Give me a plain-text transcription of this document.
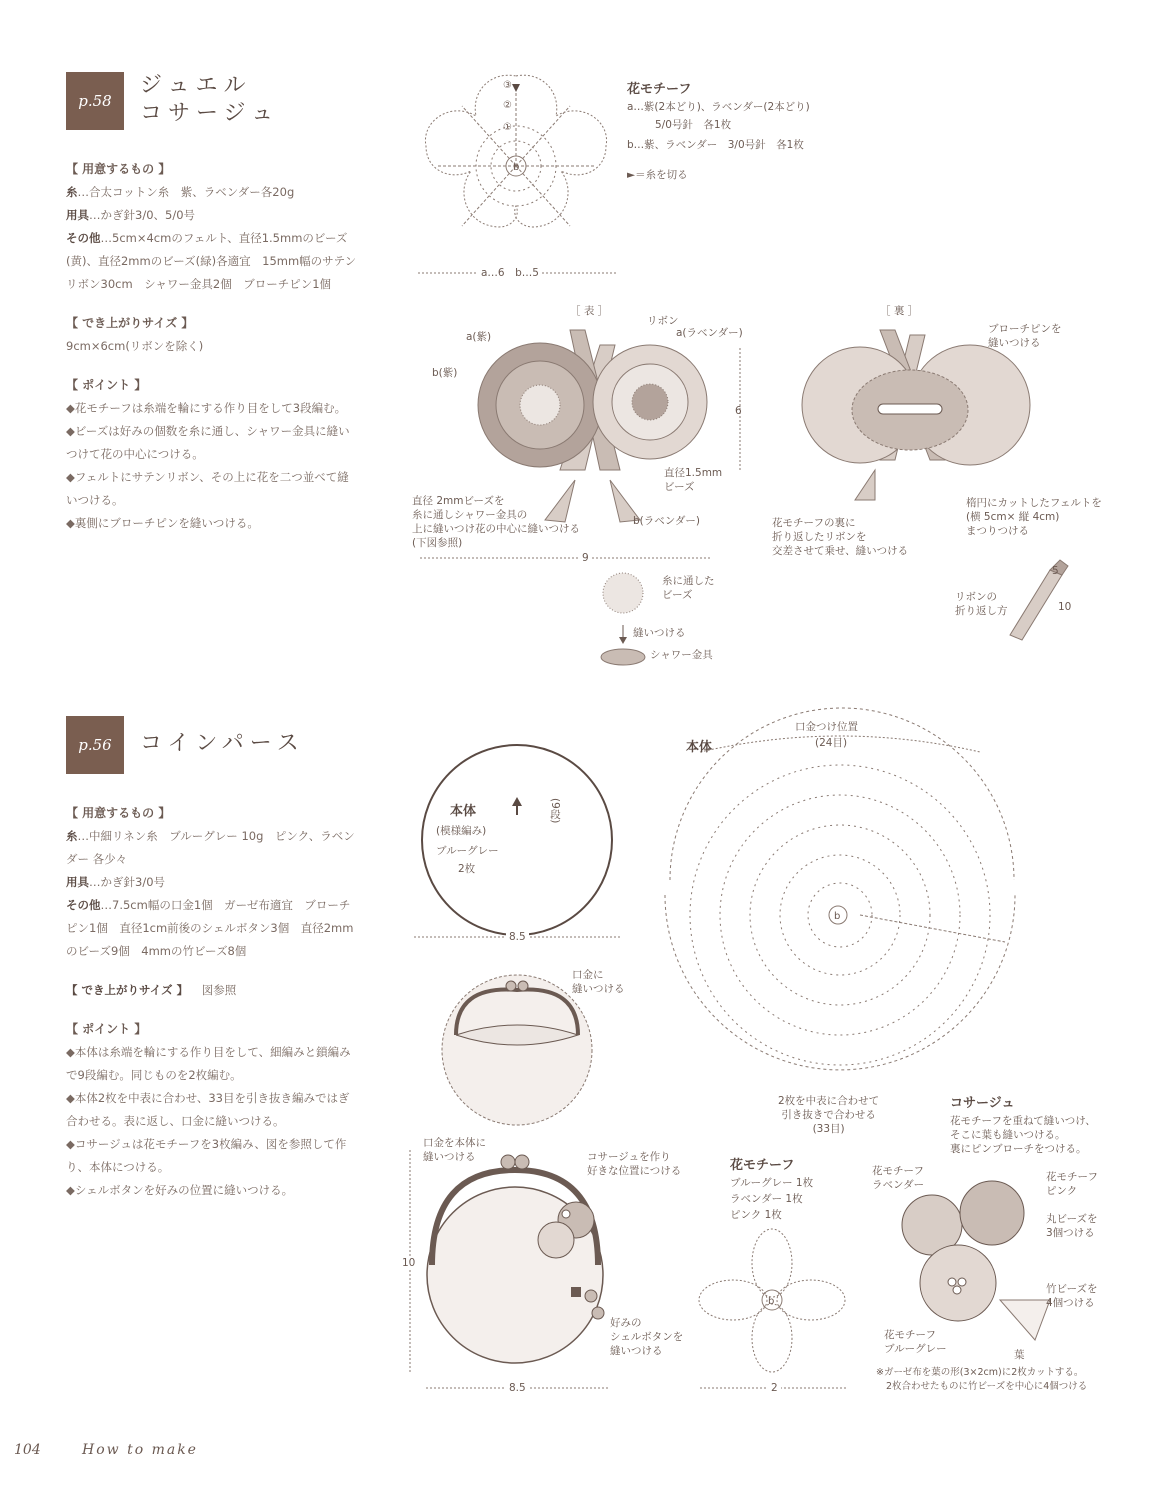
p.58
ジュエル
コサージュ
【 用意するもの 】
糸…合太コットン糸　紫、ラベンダー各20g
用具…かぎ針3/0、5/0号
その他…5cm×4cmのフェルト、直径1.5mmのビーズ(黄)、直径2mmのビーズ(緑)各適宜　15mm幅のサテンリボン30cm　シャワー金具2個　ブローチピン1個
【 でき上がりサイズ 】
9cm×6cm(リボンを除く)
【 ポイント 】
◆花モチーフは糸端を輪にする作り目をして3段編む。
◆ビーズは好みの個数を糸に通し、シャワー金具に縫いつけて花の中心につける。
◆フェルトにサテンリボン、その上に花を二つ並べて縫いつける。
◆裏側にブローチピンを縫いつける。
b
③
②
①
b
b
花モチーフ
a…紫(2本どり)、ラベンダー(2本どり)
5/0号針　各1枚
b…紫、ラベンダー　3/0号針　各1枚
►＝糸を切る
a…6　b…5
［ 表 ］
リボン
a(紫)	a(ラベンダー)
b(紫)
6
直径1.5mm
ビーズ
直径 2mmビーズを
糸に通しシャワー金具の
上に縫いつけ花の中心に縫いつける
(下図参照)
b(ラベンダー)
9
［ 裏 ］
ブローチピンを
縫いつける
楕円にカットしたフェルトを
(横 5cm× 縦 4cm)
まつりつける
花モチーフの裏に
折り返したリボンを
交差させて乗せ、縫いつける
糸に通した
ビーズ
縫いつける
シャワー金具
リボンの
折り返し方
5
10
p.56	コインパース
【 用意するもの 】
糸…中細リネン糸　ブルーグレー 10g　ピンク、ラベンダー 各少々
用具…かぎ針3/0号
その他…7.5cm幅の口金1個　ガーゼ布適宜　ブローチピン1個　直径1cm前後のシェルボタン3個　直径2mmのビーズ9個　4mmの竹ビーズ8個
【 でき上がりサイズ 】 図参照
【 ポイント 】
◆本体は糸端を輪にする作り目をして、細編みと鎖編みで9段編む。同じものを2枚編む。
◆本体2枚を中表に合わせ、33目を引き抜き編みではぎ合わせる。表に返し、口金に縫いつける。
◆コサージュは花モチーフを3枚編み、図を参照して作り、本体につける。
◆シェルボタンを好みの位置に縫いつける。
本体
(模様編み)
ブルーグレー
2枚
(9段)
8.5
口金に
縫いつける
本体
口金つけ位置
(24目)
2枚を中表に合わせて
引き抜きで合わせる
(33目)
口金を本体に
縫いつける	コサージュを作り
好きな位置につける
好みの
シェルボタンを
縫いつける
10
8.5
花モチーフ
ブルーグレー 1枚
ラベンダー 1枚
ピンク 1枚
2
コサージュ
花モチーフを重ねて縫いつけ、
そこに葉も縫いつける。
裏にピンブローチをつける。
花モチーフ
ラベンダー
花モチーフ
ピンク
丸ビーズを
3個つける
竹ビーズを
4個つける
花モチーフ
ブルーグレー	葉
※ガーゼ布を葉の形(3×2cm)に2枚カットする。
2枚合わせたものに竹ビーズを中心に4個つける
104	How to make
